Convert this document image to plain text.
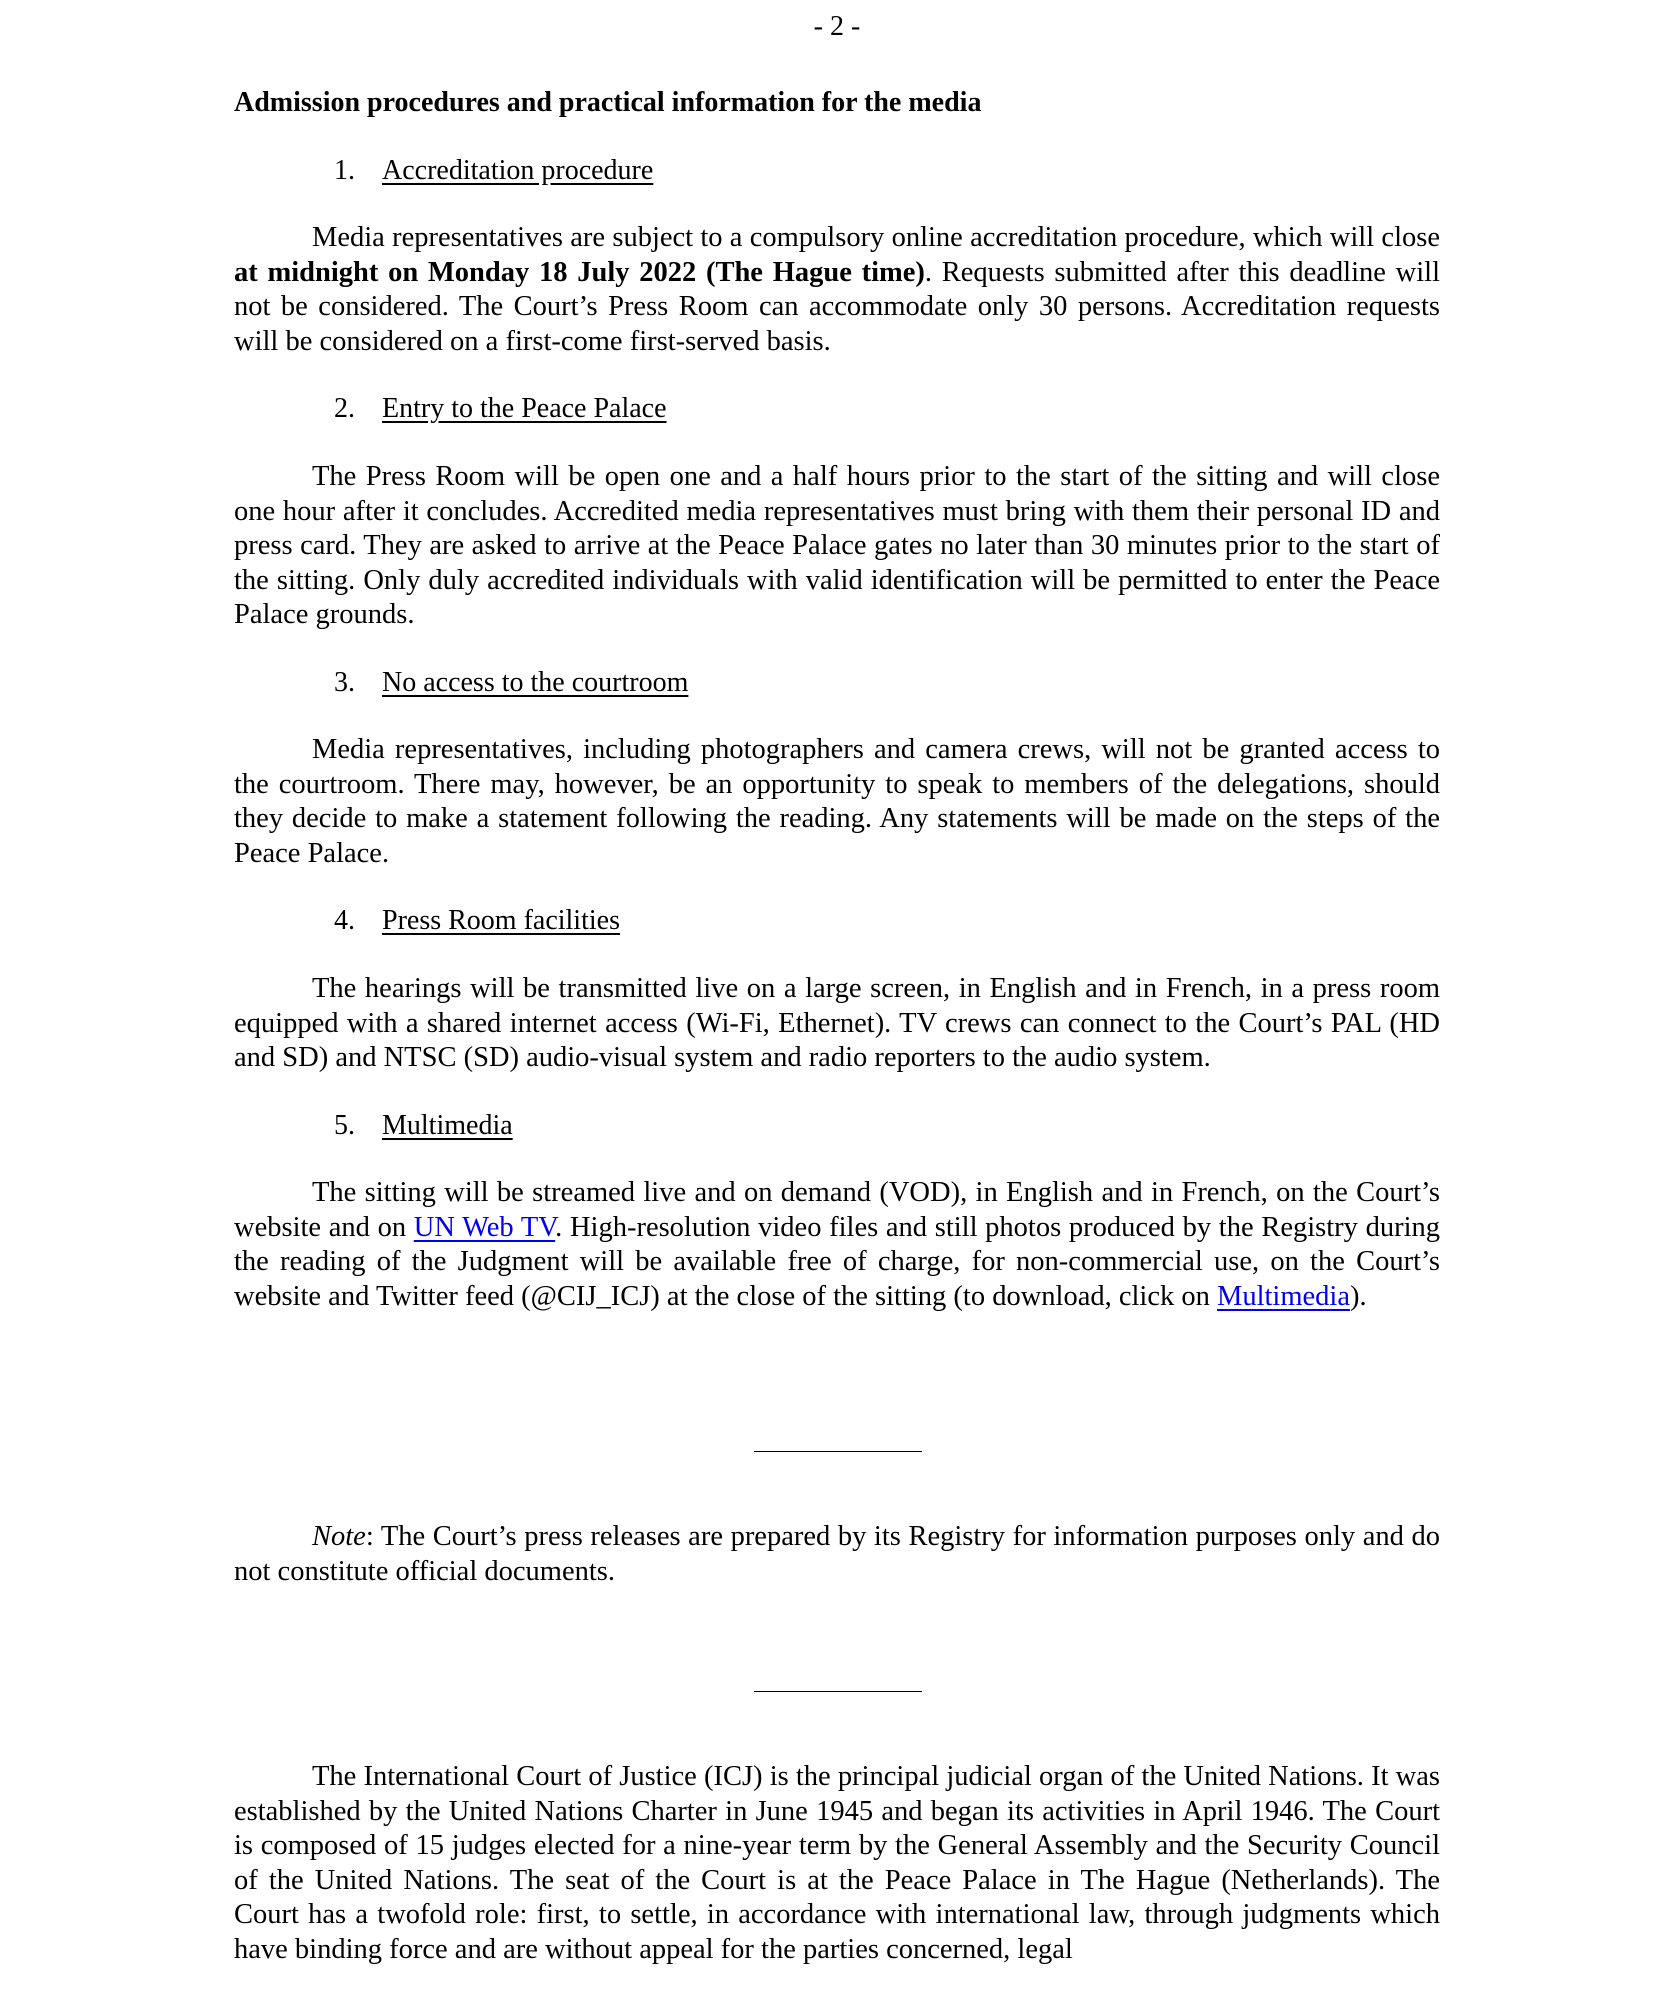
- 2 -
Admission procedures and practical information for the media
1. Accreditation procedure

Media representatives are subject to a compulsory online accreditation procedure, which will close at midnight on Monday 18 July 2022 (The Hague time). Requests submitted after this deadline will not be considered. The Court’s Press Room can accommodate only 30 persons. Accreditation requests will be considered on a first-come first-served basis.

2. Entry to the Peace Palace

The Press Room will be open one and a half hours prior to the start of the sitting and will close one hour after it concludes. Accredited media representatives must bring with them their personal ID and press card. They are asked to arrive at the Peace Palace gates no later than 30 minutes prior to the start of the sitting. Only duly accredited individuals with valid identification will be permitted to enter the Peace Palace grounds.

3. No access to the courtroom

Media representatives, including photographers and camera crews, will not be granted access to the courtroom. There may, however, be an opportunity to speak to members of the delegations, should they decide to make a statement following the reading. Any statements will be made on the steps of the Peace Palace.

4. Press Room facilities

The hearings will be transmitted live on a large screen, in English and in French, in a press room equipped with a shared internet access (Wi-Fi, Ethernet). TV crews can connect to the Court’s PAL (HD and SD) and NTSC (SD) audio-visual system and radio reporters to the audio system.

5. Multimedia

The sitting will be streamed live and on demand (VOD), in English and in French, on the Court’s website and on UN Web TV. High-resolution video files and still photos produced by the Registry during the reading of the Judgment will be available free of charge, for non-commercial use, on the Court’s website and Twitter feed (@CIJ_ICJ) at the close of the sitting (to download, click on Multimedia).

Note: The Court’s press releases are prepared by its Registry for information purposes only and do not constitute official documents.

The International Court of Justice (ICJ) is the principal judicial organ of the United Nations. It was established by the United Nations Charter in June 1945 and began its activities in April 1946. The Court is composed of 15 judges elected for a nine-year term by the General Assembly and the Security Council of the United Nations. The seat of the Court is at the Peace Palace in The Hague (Netherlands). The Court has a twofold role: first, to settle, in accordance with international law, through judgments which have binding force and are without appeal for the parties concerned, legal
